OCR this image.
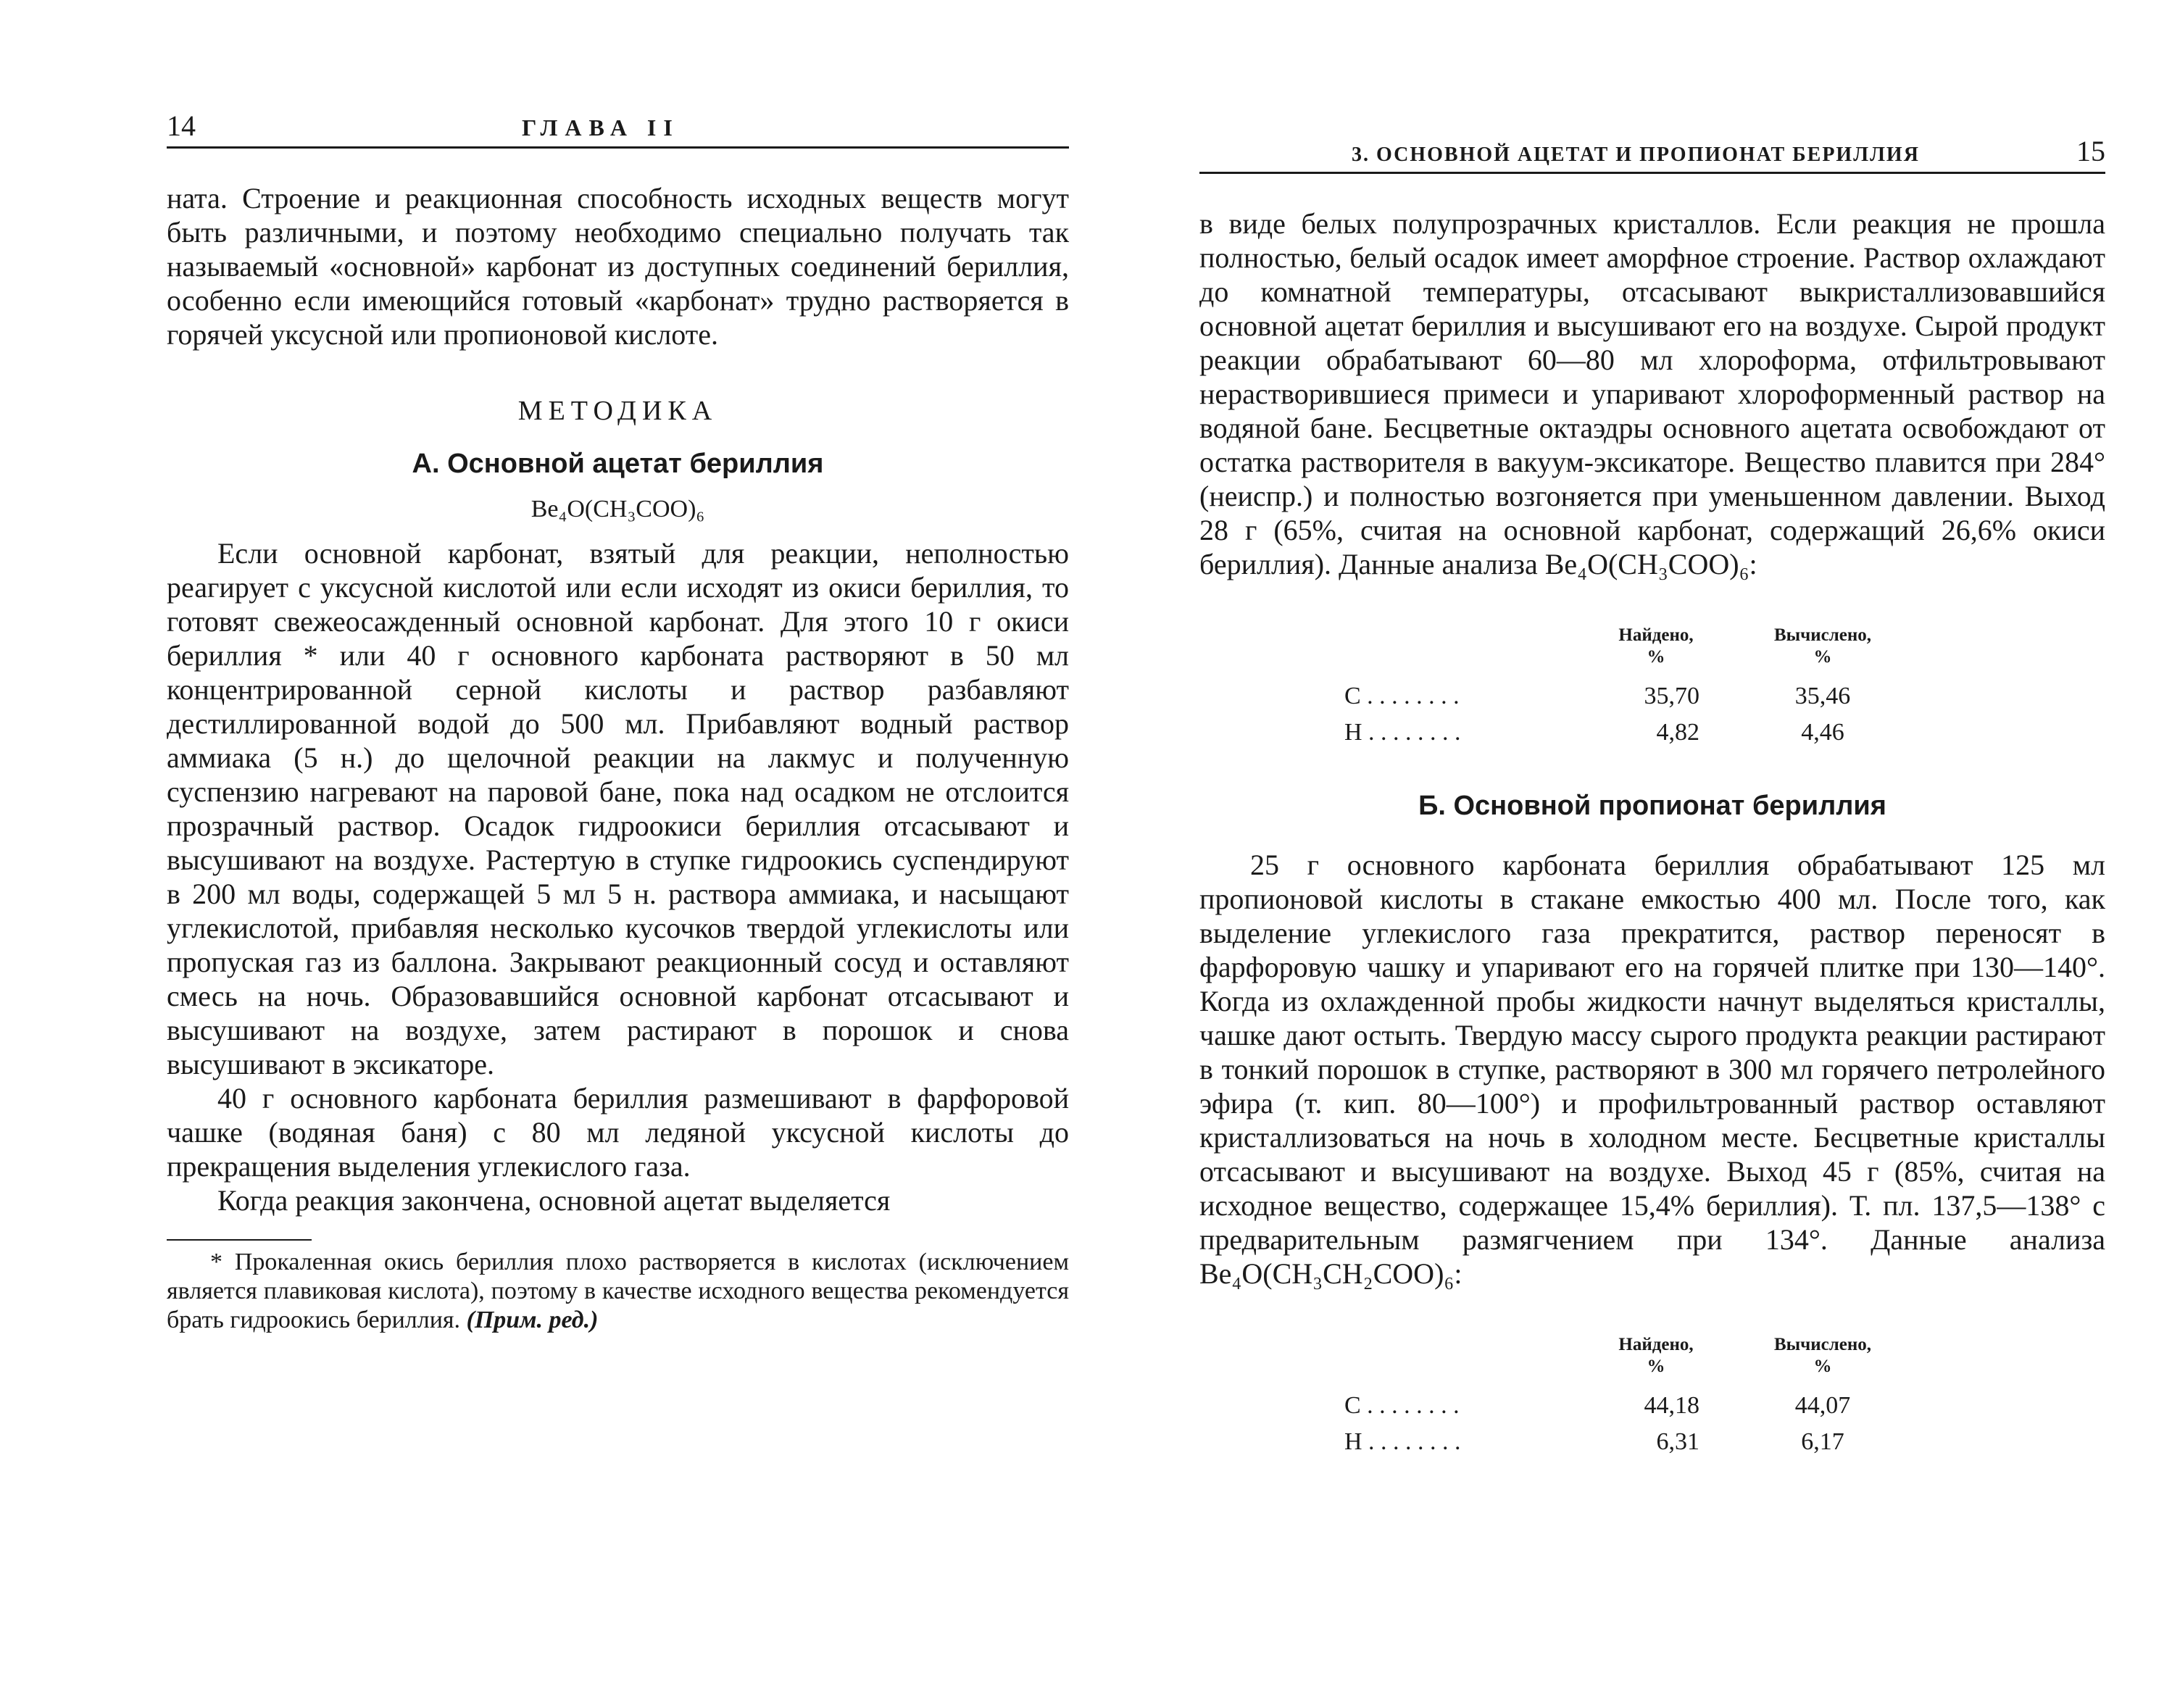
14	ГЛАВА II

ната. Строение и реакционная способность исходных веществ могут быть различными, и поэтому необходимо специально получать так называемый «основной» карбонат из доступных соединений бериллия, особенно если имеющийся готовый «карбонат» трудно растворяется в горячей уксусной или пропионовой кислоте.

МЕТОДИКА

А. Основной ацетат бериллия

Be₄O(CH₃COO)₆

Если основной карбонат, взятый для реакции, неполностью реагирует с уксусной кислотой или если исходят из окиси бериллия, то готовят свежеосажденный основной карбонат. Для этого 10 г окиси бериллия * или 40 г основного карбоната растворяют в 50 мл концентрированной серной кислоты и раствор разбавляют дестиллированной водой до 500 мл. Прибавляют водный раствор аммиака (5 н.) до щелочной реакции на лакмус и полученную суспензию нагревают на паровой бане, пока над осадком не отслоится прозрачный раствор. Осадок гидроокиси бериллия отсасывают и высушивают на воздухе. Растертую в ступке гидроокись суспендируют в 200 мл воды, содержащей 5 мл 5 н. раствора аммиака, и насыщают углекислотой, прибавляя несколько кусочков твердой углекислоты или пропуская газ из баллона. Закрывают реакционный сосуд и оставляют смесь на ночь. Образовавшийся основной карбонат отсасывают и высушивают на воздухе, затем растирают в порошок и снова высушивают в эксикаторе.

40 г основного карбоната бериллия размешивают в фарфоровой чашке (водяная баня) с 80 мл ледяной уксусной кислоты до прекращения выделения углекислого газа.

Когда реакция закончена, основной ацетат выделяется

* Прокаленная окись бериллия плохо растворяется в кислотах (исключением является плавиковая кислота), поэтому в качестве исходного вещества рекомендуется брать гидроокись бериллия. (Прим. ред.)

3. ОСНОВНОЙ АЦЕТАТ И ПРОПИОНАТ БЕРИЛЛИЯ	15

в виде белых полупрозрачных кристаллов. Если реакция не прошла полностью, белый осадок имеет аморфное строение. Раствор охлаждают до комнатной температуры, отсасывают выкристаллизовавшийся основной ацетат бериллия и высушивают его на воздухе. Сырой продукт реакции обрабатывают 60—80 мл хлороформа, отфильтровывают нерастворившиеся примеси и упаривают хлороформенный раствор на водяной бане. Бесцветные октаэдры основного ацетата освобождают от остатка растворителя в вакуум-эксикаторе. Вещество плавится при 284° (неиспр.) и полностью возгоняется при уменьшенном давлении. Выход 28 г (65%, считая на основной карбонат, содержащий 26,6% окиси бериллия). Данные анализа Be₄O(CH₃COO)₆:

	Найдено,
%	Вычислено,
%
C . . . . . . . .	35,70	35,46
H . . . . . . . .	4,82	4,46

Б. Основной пропионат бериллия

25 г основного карбоната бериллия обрабатывают 125 мл пропионовой кислоты в стакане емкостью 400 мл. После того, как выделение углекислого газа прекратится, раствор переносят в фарфоровую чашку и упаривают его на горячей плитке при 130—140°. Когда из охлажденной пробы жидкости начнут выделяться кристаллы, чашке дают остыть. Твердую массу сырого продукта реакции растирают в тонкий порошок в ступке, растворяют в 300 мл горячего петролейного эфира (т. кип. 80—100°) и профильтрованный раствор оставляют кристаллизоваться на ночь в холодном месте. Бесцветные кристаллы отсасывают и высушивают на воздухе. Выход 45 г (85%, считая на исходное вещество, содержащее 15,4% бериллия). Т. пл. 137,5—138° с предварительным размягчением при 134°. Данные анализа Be₄O(CH₃CH₂COO)₆:

	Найдено,
%	Вычислено,
%
C . . . . . . . .	44,18	44,07
H . . . . . . . .	6,31	6,17
